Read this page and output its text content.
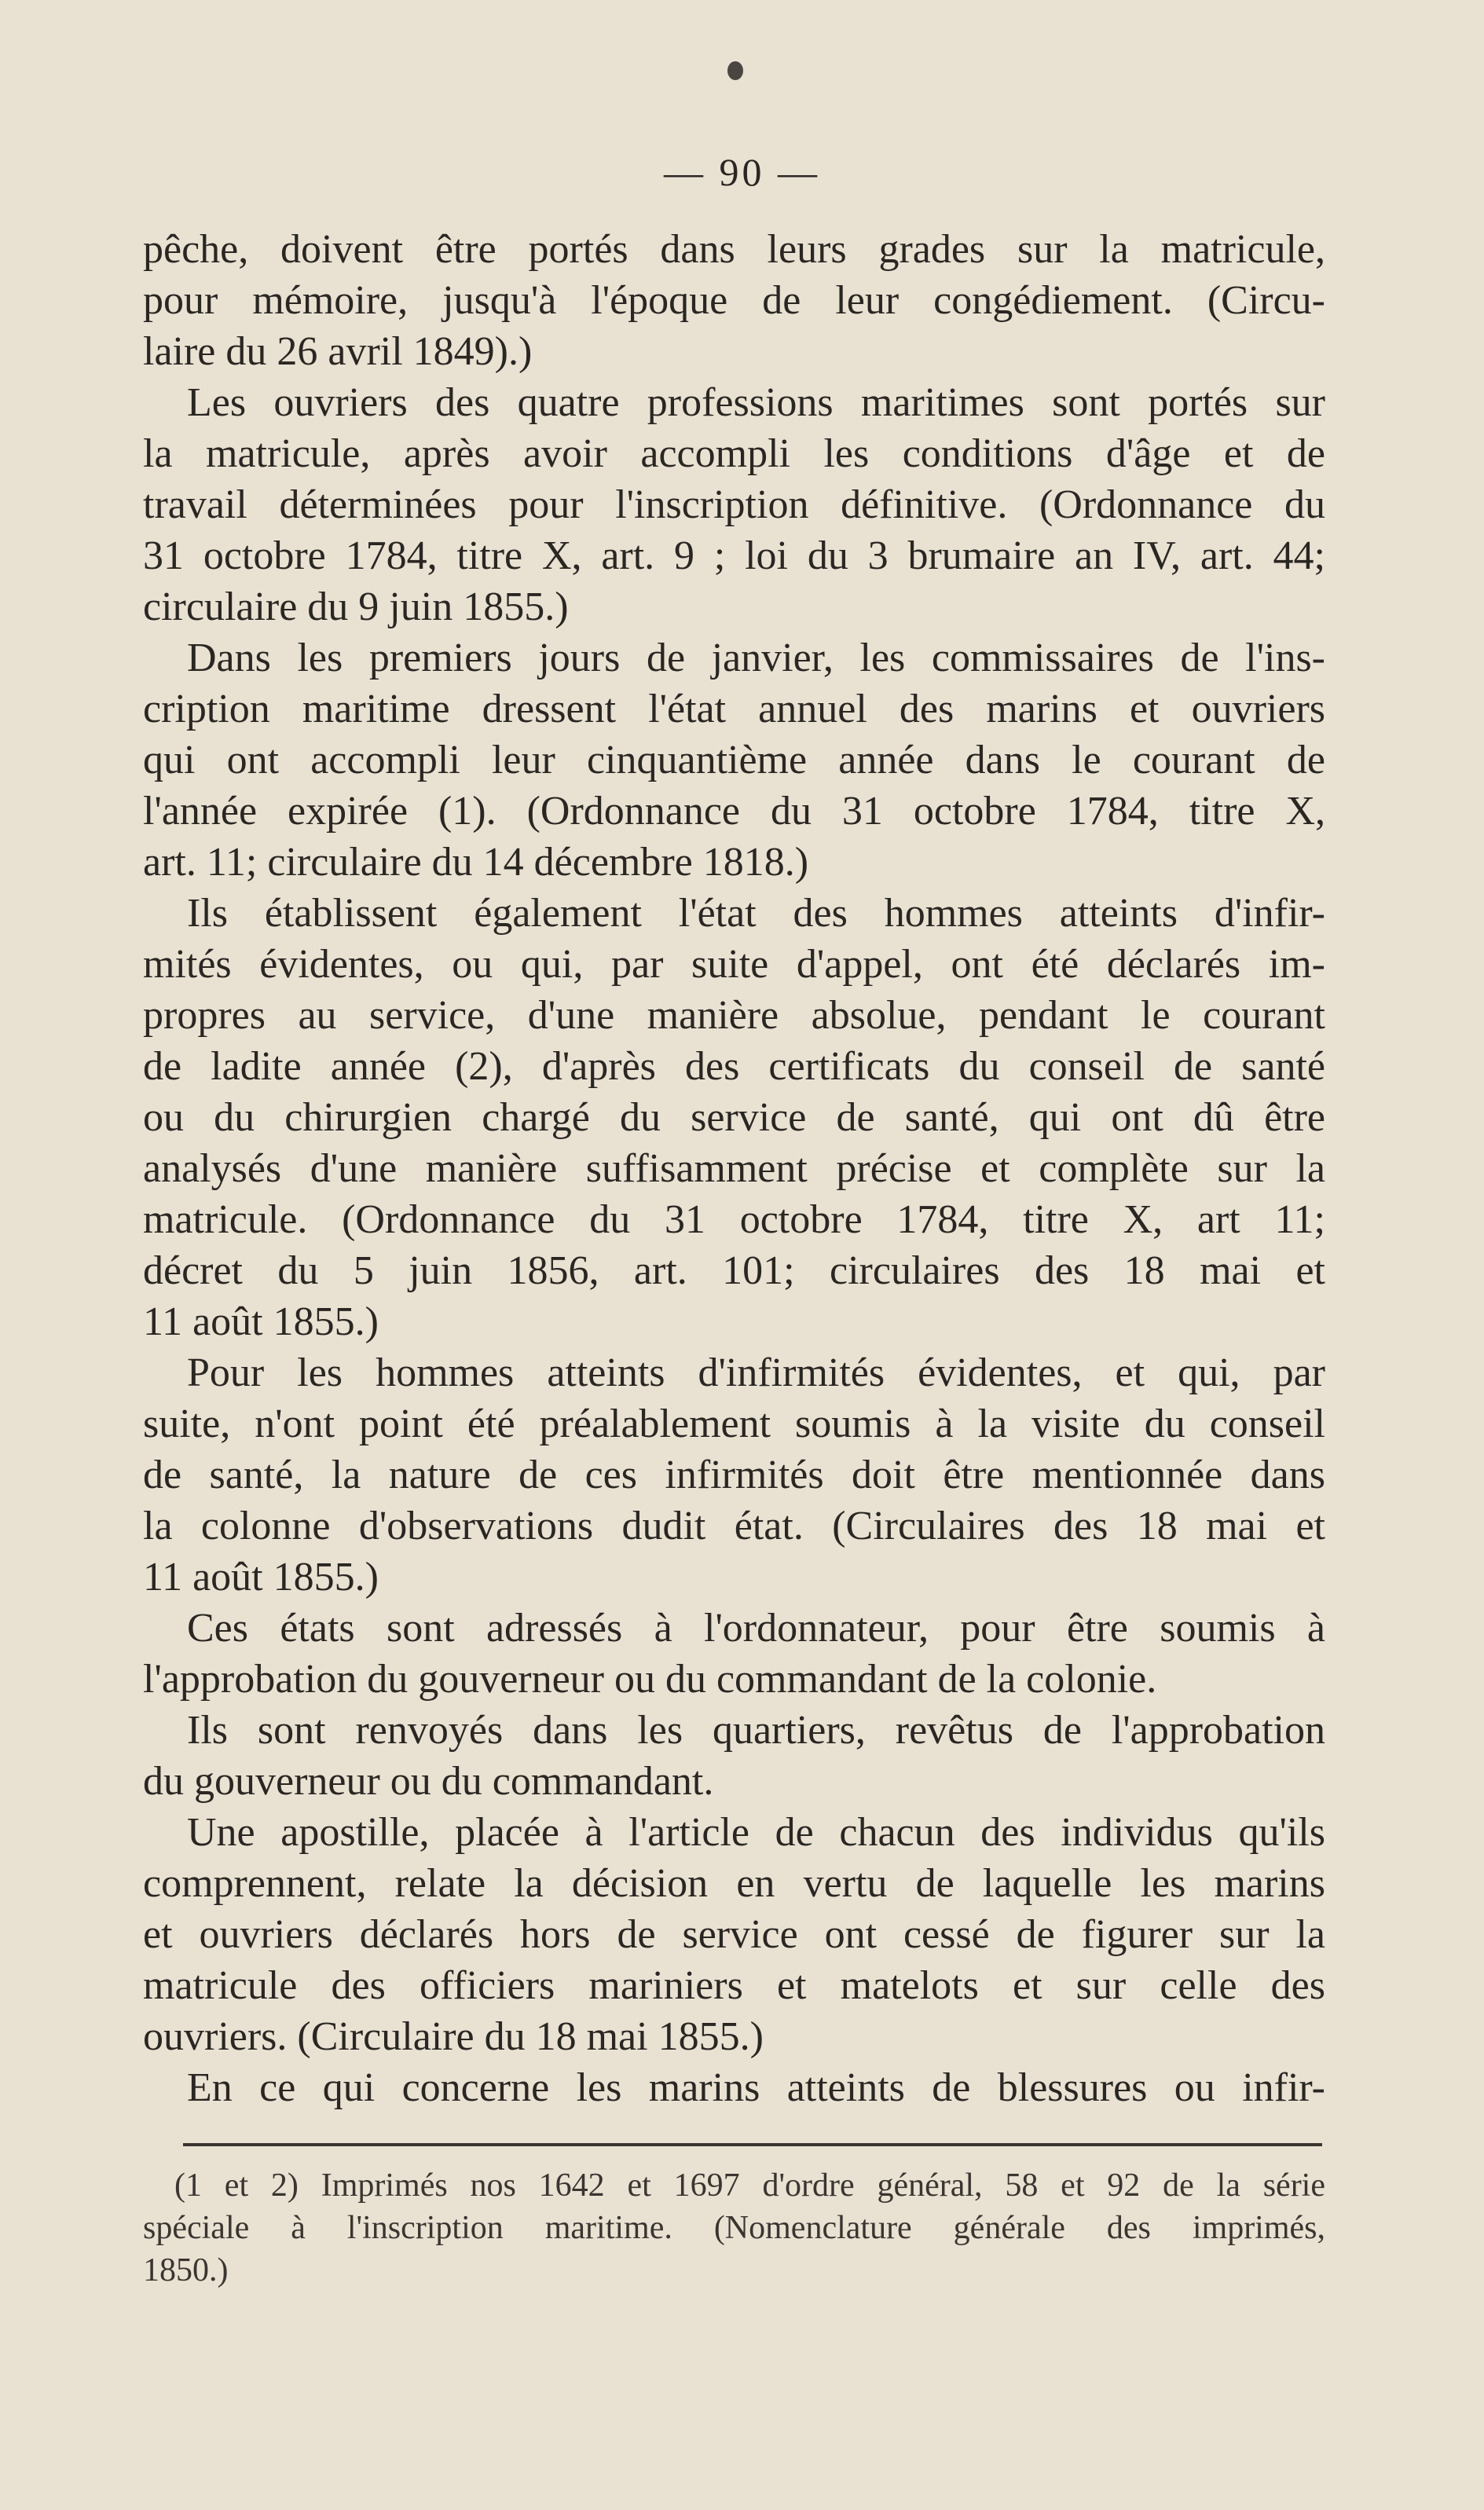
— 90 —
pêche, doivent être portés dans leurs grades sur la matricule,
pour mémoire, jusqu'à l'époque de leur congédiement. (Circu-
laire du 26 avril 1849).)
Les ouvriers des quatre professions maritimes sont portés sur
la matricule, après avoir accompli les conditions d'âge et de
travail déterminées pour l'inscription définitive. (Ordonnance du
31 octobre 1784, titre X, art. 9 ; loi du 3 brumaire an IV, art. 44;
circulaire du 9 juin 1855.)
Dans les premiers jours de janvier, les commissaires de l'ins-
cription maritime dressent l'état annuel des marins et ouvriers
qui ont accompli leur cinquantième année dans le courant de
l'année expirée (1). (Ordonnance du 31 octobre 1784, titre X,
art. 11; circulaire du 14 décembre 1818.)
Ils établissent également l'état des hommes atteints d'infir-
mités évidentes, ou qui, par suite d'appel, ont été déclarés im-
propres au service, d'une manière absolue, pendant le courant
de ladite année (2), d'après des certificats du conseil de santé
ou du chirurgien chargé du service de santé, qui ont dû être
analysés d'une manière suffisamment précise et complète sur la
matricule. (Ordonnance du 31 octobre 1784, titre X, art 11;
décret du 5 juin 1856, art. 101; circulaires des 18 mai et
11 août 1855.)
Pour les hommes atteints d'infirmités évidentes, et qui, par
suite, n'ont point été préalablement soumis à la visite du conseil
de santé, la nature de ces infirmités doit être mentionnée dans
la colonne d'observations dudit état. (Circulaires des 18 mai et
11 août 1855.)
Ces états sont adressés à l'ordonnateur, pour être soumis à
l'approbation du gouverneur ou du commandant de la colonie.
Ils sont renvoyés dans les quartiers, revêtus de l'approbation
du gouverneur ou du commandant.
Une apostille, placée à l'article de chacun des individus qu'ils
comprennent, relate la décision en vertu de laquelle les marins
et ouvriers déclarés hors de service ont cessé de figurer sur la
matricule des officiers mariniers et matelots et sur celle des
ouvriers. (Circulaire du 18 mai 1855.)
En ce qui concerne les marins atteints de blessures ou infir-
(1 et 2) Imprimés nos 1642 et 1697 d'ordre général, 58 et 92 de la série
spéciale à l'inscription maritime. (Nomenclature générale des imprimés,
1850.)
